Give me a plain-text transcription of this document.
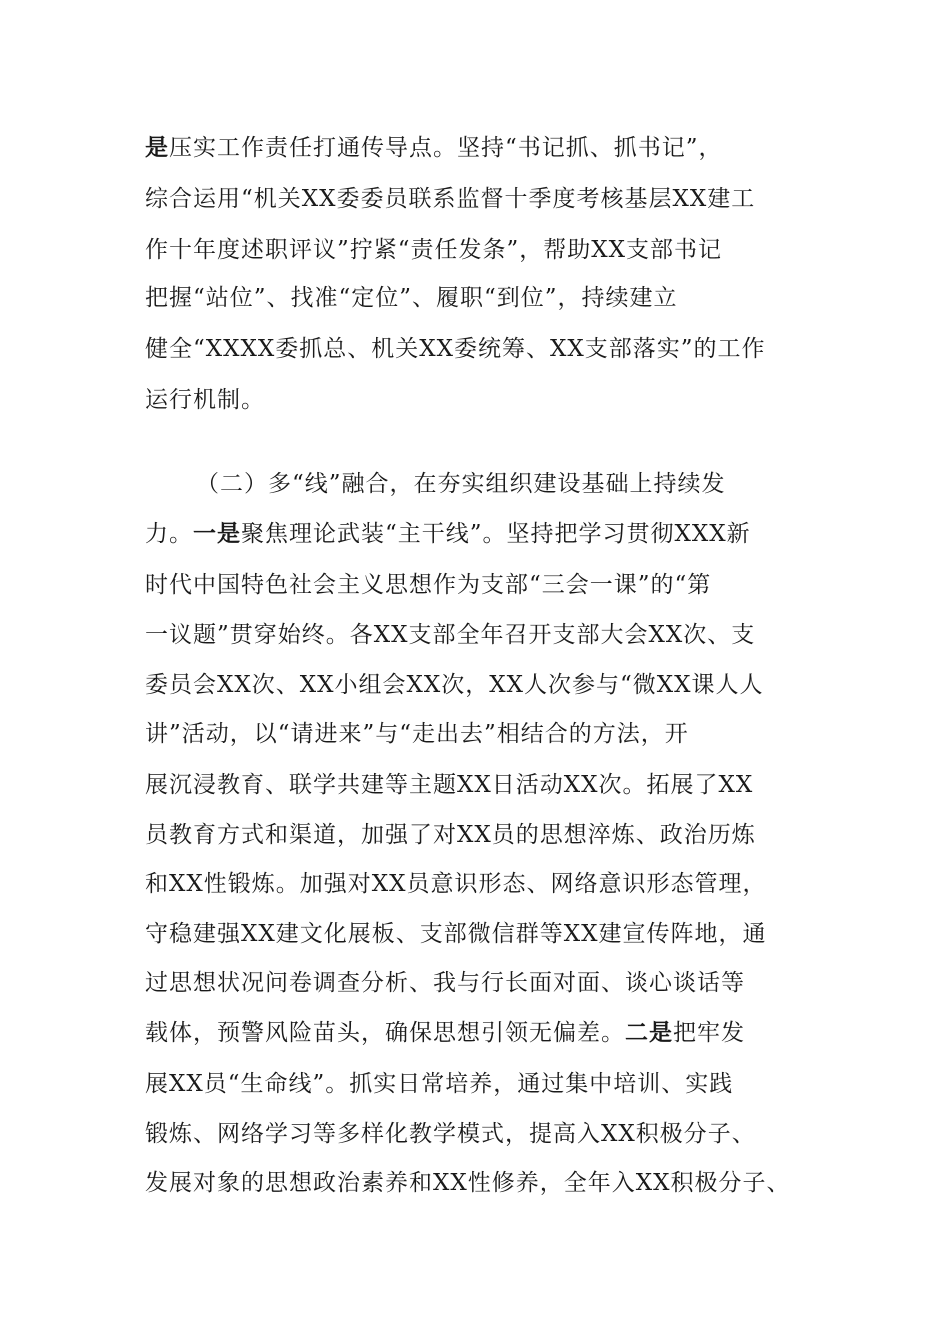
是压实工作责任打通传导点。坚持“书记抓、抓书记”，
综合运用“机关XX委委员联系监督十季度考核基层XX建工
作十年度述职评议”拧紧“责任发条”，帮助XX支部书记
把握“站位”、找准“定位”、履职“到位”，持续建立
健全“XXXX委抓总、机关XX委统筹、XX支部落实”的工作
运行机制。
（二）多“线”融合，在夯实组织建设基础上持续发
力。一是聚焦理论武装“主干线”。坚持把学习贯彻XXX新
时代中国特色社会主义思想作为支部“三会一课”的“第
一议题”贯穿始终。各XX支部全年召开支部大会XX次、支
委员会XX次、XX小组会XX次，XX人次参与“微XX课人人
讲”活动，以“请进来”与“走出去”相结合的方法，开
展沉浸教育、联学共建等主题XX日活动XX次。拓展了XX
员教育方式和渠道，加强了对XX员的思想淬炼、政治历炼
和XX性锻炼。加强对XX员意识形态、网络意识形态管理，
守稳建强XX建文化展板、支部微信群等XX建宣传阵地，通
过思想状况问卷调查分析、我与行长面对面、谈心谈话等
载体，预警风险苗头，确保思想引领无偏差。二是把牢发
展XX员“生命线”。抓实日常培养，通过集中培训、实践
锻炼、网络学习等多样化教学模式，提高入XX积极分子、
发展对象的思想政治素养和XX性修养，全年入XX积极分子、
